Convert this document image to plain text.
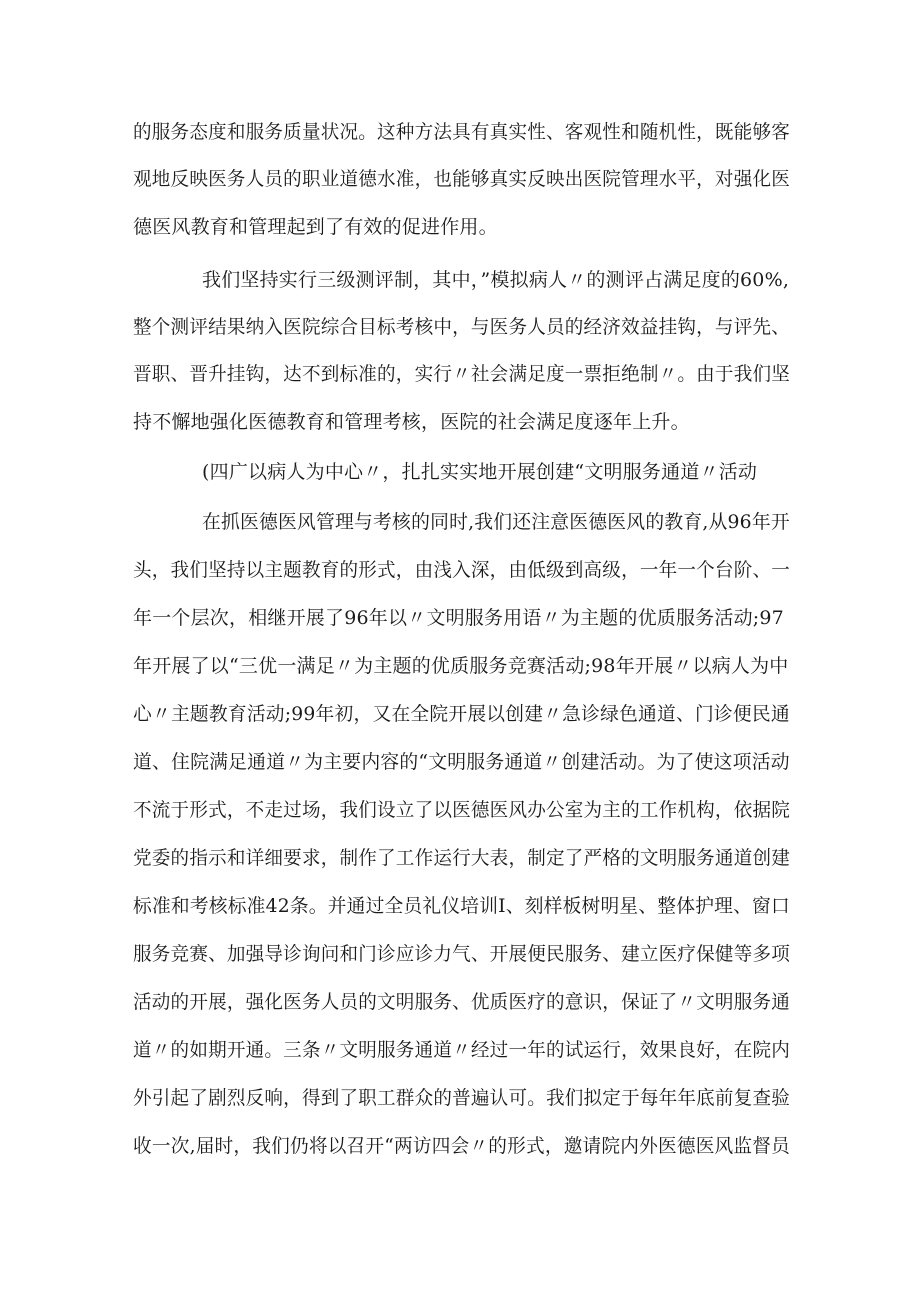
的服务态度和服务质量状况。这种方法具有真实性、客观性和随机性，既能够客
观地反映医务人员的职业道德水准，也能够真实反映出医院管理水平，对强化医
德医风教育和管理起到了有效的促进作用。
我们坚持实行三级测评制，其中，”模拟病人〃的测评占满足度的60%,
整个测评结果纳入医院综合目标考核中，与医务人员的经济效益挂钩，与评先、
晋职、晋升挂钩，达不到标准的，实行〃社会满足度一票拒绝制〃。由于我们坚
持不懈地强化医德教育和管理考核，医院的社会满足度逐年上升。
(四广以病人为中心〃，扎扎实实地开展创建“文明服务通道〃活动
在抓医德医风管理与考核的同时,我们还注意医德医风的教育,从96年开
头，我们坚持以主题教育的形式，由浅入深，由低级到高级，一年一个台阶、一
年一个层次，相继开展了96年以〃文明服务用语〃为主题的优质服务活动;97
年开展了以“三优一满足〃为主题的优质服务竞赛活动;98年开展〃以病人为中
心〃主题教育活动;99年初，又在全院开展以创建〃急诊绿色通道、门诊便民通
道、住院满足通道〃为主要内容的“文明服务通道〃创建活动。为了使这项活动
不流于形式，不走过场，我们设立了以医德医风办公室为主的工作机构，依据院
党委的指示和详细要求，制作了工作运行大表，制定了严格的文明服务通道创建
标准和考核标准42条。并通过全员礼仪培训I、刻样板树明星、整体护理、窗口
服务竞赛、加强导诊询问和门诊应诊力气、开展便民服务、建立医疗保健等多项
活动的开展，强化医务人员的文明服务、优质医疗的意识，保证了〃文明服务通
道〃的如期开通。三条〃文明服务通道〃经过一年的试运行，效果良好，在院内
外引起了剧烈反响，得到了职工群众的普遍认可。我们拟定于每年年底前复查验
收一次,届时，我们仍将以召开“两访四会〃的形式，邀请院内外医德医风监督员
